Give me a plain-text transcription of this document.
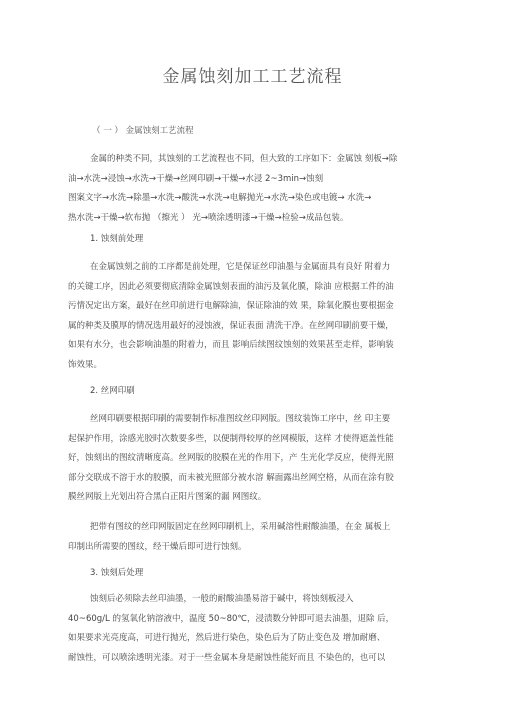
金属蚀刻加工工艺流程

（ 一 ） 金属蚀刻工艺流程

金属的种类不同，其蚀刻的工艺流程也不同，但大致的工序如下：金属蚀 刻板→除
油→水洗→浸蚀→水洗→干燥→丝网印刷→干燥→水浸 2~3min→蚀刻
图案文字→水洗→除墨→水洗→酸洗→水洗→电解抛光→水洗→染色或电镀→ 水洗→
热水洗→干燥→软布抛 （擦光 ） 光→喷涂透明漆→干燥→检验→成品包装。

1. 蚀刻前处理

在金属蚀刻之前的工序都是前处理，它是保证丝印油墨与金属面具有良好 附着力
的关键工序，因此必须要彻底清除金属蚀刻表面的油污及氧化膜，除油 应根据工件的油
污情况定出方案，最好在丝印前进行电解除油，保证除油的效 果，除氧化膜也要根据金
属的种类及膜厚的情况选用最好的浸蚀液，保证表面 清洗干净。在丝网印刷前要干燥，
如果有水分，也会影响油墨的附着力，而且 影响后续图纹蚀刻的效果甚至走样，影响装
饰效果。

2. 丝网印刷

丝网印刷要根据印刷的需要制作标准图纹丝印网版。图纹装饰工序中，丝 印主要
起保护作用，涂感光胶时次数要多些，以便制得较厚的丝网模版，这样 才使得遮盖性能
好，蚀刻出的图纹清晰度高。丝网版的胶膜在光的作用下，产 生光化学反应，使得光照
部分交联成不溶于水的胶膜，而未被光照部分被水溶 解面露出丝网空格，从而在涂有胶
膜丝网版上光划出符合黑白正阳片图案的漏 网图纹。
把带有图纹的丝印网版固定在丝网印刷机上，采用碱溶性耐酸油墨，在金 属板上
印制出所需要的图纹，经干燥后即可进行蚀刻。

3. 蚀刻后处理

蚀刻后必须除去丝印油墨，一般的耐酸油墨易溶于碱中，将蚀刻板浸入
40~60g/L 的氢氧化钠溶液中，温度 50~80℃，浸渍数分钟即可退去油墨，退除 后，
如果要求光亮度高，可进行抛光，然后进行染色，染色后为了防止变色及 增加耐磨、
耐蚀性，可以喷涂透明光漆。对于一些金属本身是耐蚀性能好而且 不染色的，也可以
